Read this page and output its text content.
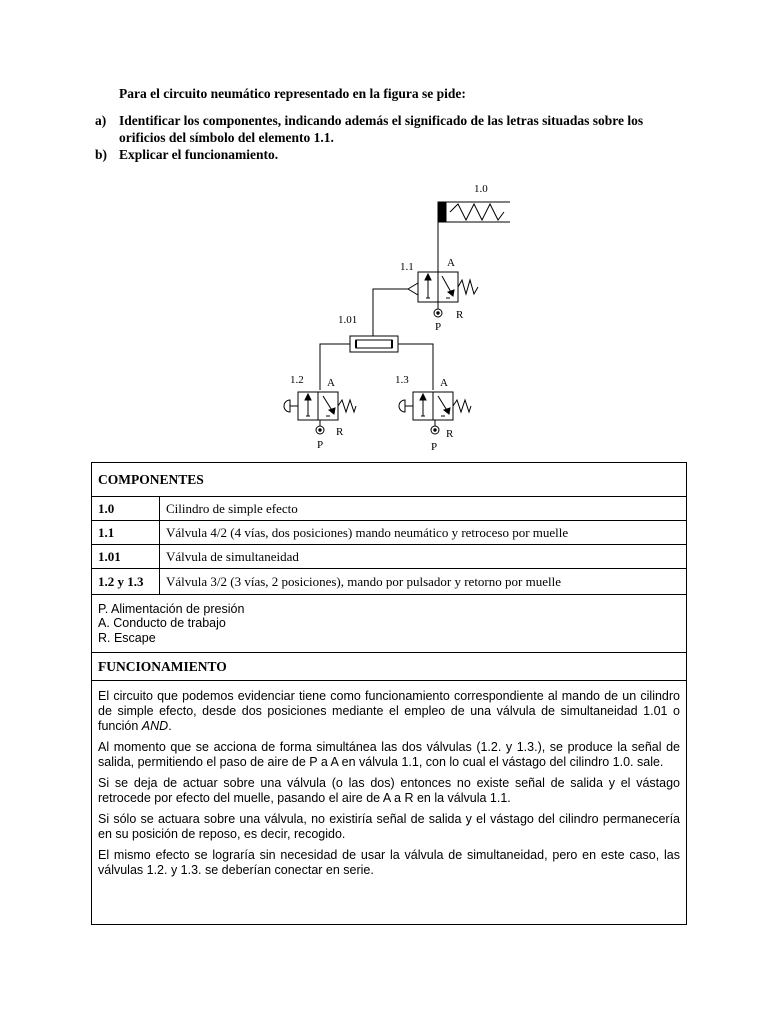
Para el circuito neumático representado en la figura se pide:
a) Identificar los componentes, indicando además el significado de las letras situadas sobre los orificios del símbolo del elemento 1.1.
b) Explicar el funcionamiento.
1.0
1.1	A
R
P
1.01
1.2 A
R
P
1.3	A
R
P
COMPONENTES	
1.0	Cilindro de simple efecto
1.1	Válvula 4/2 (4 vías, dos posiciones) mando neumático y retroceso por muelle
1.01	Válvula de simultaneidad
1.2 y 1.3	Válvula 3/2 (3 vías, 2 posiciones), mando por pulsador y retorno por muelle

P. Alimentación de presión
A. Conducto de trabajo
R. Escape	

FUNCIONAMIENTO	

El circuito que podemos evidenciar tiene como funcionamiento correspondiente al mando de un cilindro de simple efecto, desde dos posiciones mediante el empleo de una válvula de simultaneidad 1.01 o función AND.

Al momento que se acciona de forma simultánea las dos válvulas (1.2. y 1.3.), se produce la señal de salida, permitiendo el paso de aire de P a A en válvula 1.1, con lo cual el vástago del cilindro 1.0. sale.

Si se deja de actuar sobre una válvula (o las dos) entonces no existe señal de salida y el vástago retrocede por efecto del muelle, pasando el aire de A a R en la válvula 1.1.

Si sólo se actuara sobre una válvula, no existiría señal de salida y el vástago del cilindro permanecería en su posición de reposo, es decir, recogido.

El mismo efecto se lograría sin necesidad de usar la válvula de simultaneidad, pero en este caso, las válvulas 1.2. y 1.3. se deberían conectar en serie.	
